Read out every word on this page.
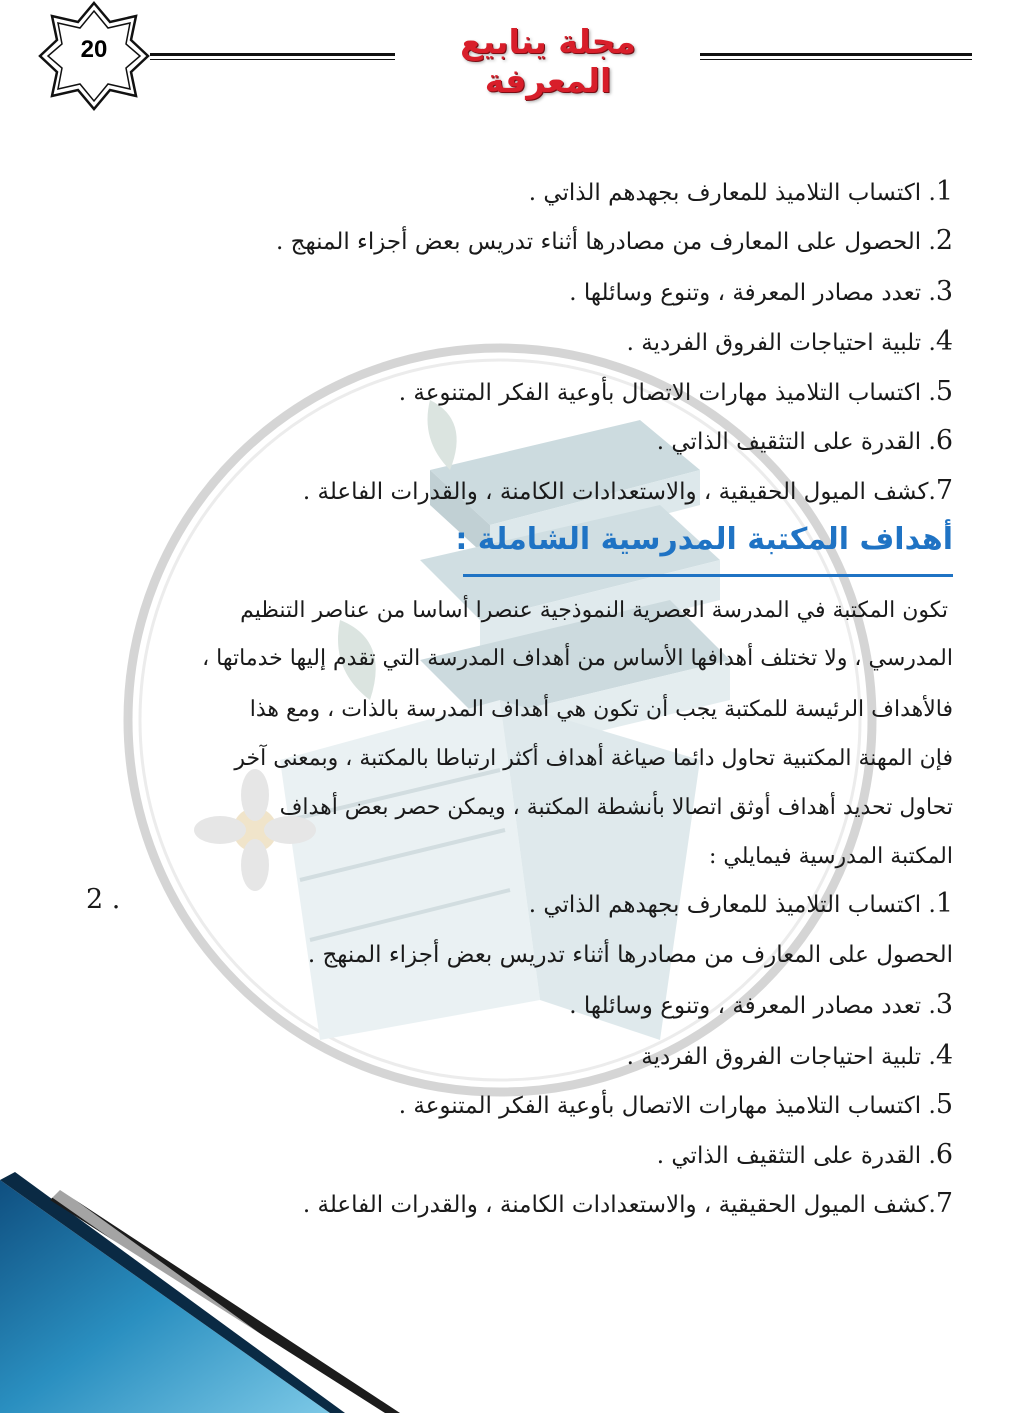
20	مجلة ينابيع المعرفة
1. اكتساب التلاميذ للمعارف بجهدهم الذاتي .
2. الحصول على المعارف من مصادرها أثناء تدريس بعض أجزاء المنهج .
3. تعدد مصادر المعرفة ، وتنوع وسائلها .
4. تلبية احتياجات الفروق الفردية .
5. اكتساب التلاميذ مهارات الاتصال بأوعية الفكر المتنوعة .
6. القدرة على التثقيف الذاتي .
7.كشف الميول الحقيقية ، والاستعدادات الكامنة ، والقدرات الفاعلة .
أهداف المكتبة المدرسية الشاملة :
تكون المكتبة في المدرسة العصرية النموذجية عنصرا أساسا من عناصر التنظيم
المدرسي ، ولا تختلف أهدافها الأساس من أهداف المدرسة التي تقدم إليها خدماتها ،
فالأهداف الرئيسة للمكتبة يجب أن تكون هي أهداف المدرسة بالذات ، ومع هذا
فإن المهنة المكتبية تحاول دائما صياغة أهداف أكثر ارتباطا بالمكتبة ، وبمعنى آخر
تحاول تحديد أهداف أوثق اتصالا بأنشطة المكتبة ، ويمكن حصر بعض أهداف
المكتبة المدرسية فيمايلي :
1. اكتساب التلاميذ للمعارف بجهدهم الذاتي .
2 .
الحصول على المعارف من مصادرها أثناء تدريس بعض أجزاء المنهج .
3. تعدد مصادر المعرفة ، وتنوع وسائلها .
4. تلبية احتياجات الفروق الفردية .
5. اكتساب التلاميذ مهارات الاتصال بأوعية الفكر المتنوعة .
6. القدرة على التثقيف الذاتي .
7.كشف الميول الحقيقية ، والاستعدادات الكامنة ، والقدرات الفاعلة .
